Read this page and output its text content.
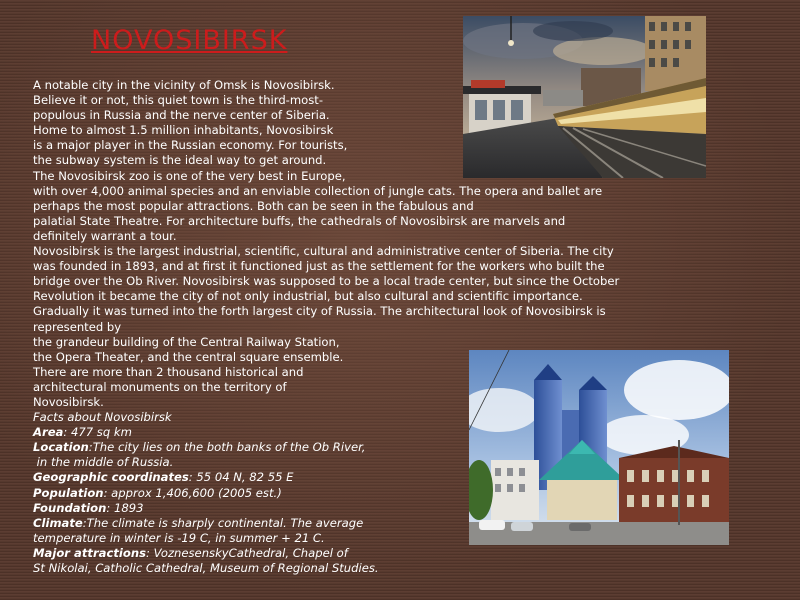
NOVOSIBIRSK

A notable city in the vicinity of Omsk is Novosibirsk.

Believe it or not, this quiet town is the third-most-

populous in Russia and the nerve center of Siberia.

Home to almost 1.5 million inhabitants, Novosibirsk

is a major player in the Russian economy. For tourists,

the subway system is the ideal way to get around.

The Novosibirsk zoo is one of the very best in Europe,

with over 4,000 animal species and an enviable collection of jungle cats. The opera and ballet are

perhaps the most popular attractions. Both can be seen in the fabulous and

palatial State Theatre. For architecture buffs, the cathedrals of Novosibirsk are marvels and

definitely warrant a tour.

Novosibirsk is the largest industrial, scientific, cultural and administrative center of Siberia. The city

was founded in 1893, and at first it functioned just as the settlement for the workers who built the

bridge over the Ob River. Novosibirsk was supposed to be a local trade center, but since the October

Revolution it became the city of not only industrial, but also cultural and scientific importance.

Gradually it was turned into the forth largest city of Russia. The architectural look of Novosibirsk is

represented by

the grandeur building of the Central Railway Station,

the Opera Theater, and the central square ensemble.

There are more than 2 thousand historical and

architectural monuments on the territory of

Novosibirsk.

Facts about Novosibirsk

Area: 477 sq km

Location:The city lies on the both banks of the Ob River,

in the middle of Russia.

Geographic coordinates: 55 04 N, 82 55 E

Population: approx 1,406,600 (2005 est.)

Foundation: 1893

Climate:The climate is sharply continental. The average

temperature in winter is -19 C, in summer + 21 C.

Major attractions: VoznesenskyCathedral, Chapel of

St Nikolai, Catholic Cathedral, Museum of Regional Studies.
